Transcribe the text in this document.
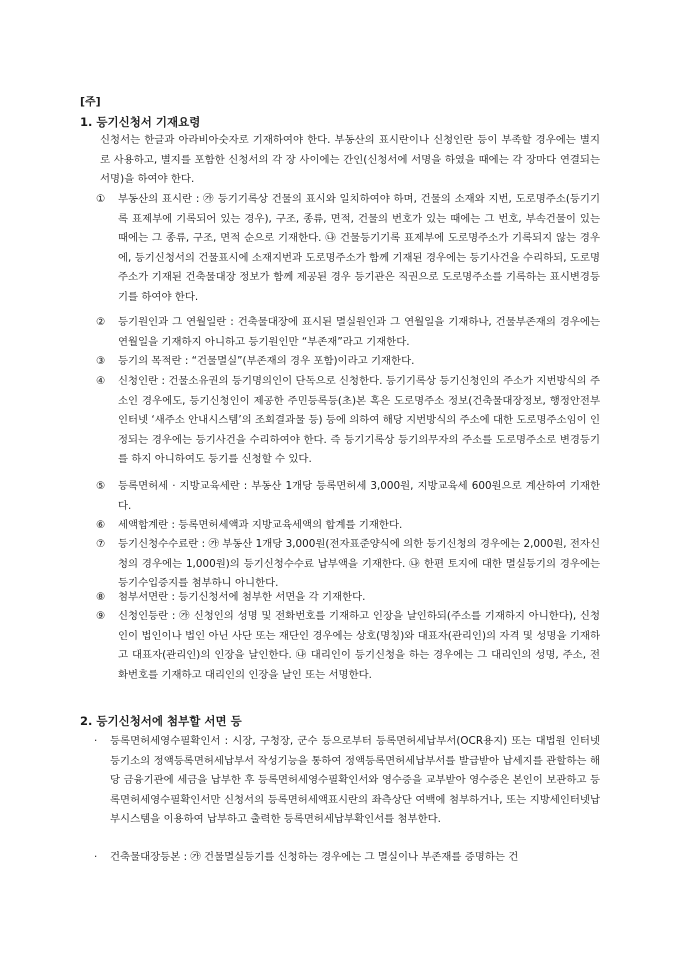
[주]
1. 등기신청서 기재요령
신청서는 한글과 아라비아숫자로 기재하여야 한다. 부동산의 표시란이나 신청인란 등이 부족할 경우에는 별지로 사용하고, 별지를 포함한 신청서의 각 장 사이에는 간인(신청서에 서명을 하였을 때에는 각 장마다 연결되는 서명)을 하여야 한다.
①	부동산의 표시란 : ㉮ 등기기록상 건물의 표시와 일치하여야 하며, 건물의 소재와 지번, 도로명주소(등기기록 표제부에 기록되어 있는 경우), 구조, 종류, 면적, 건물의 번호가 있는 때에는 그 번호, 부속건물이 있는 때에는 그 종류, 구조, 면적 순으로 기재한다. ㉯ 건물등기기록 표제부에 도로명주소가 기록되지 않는 경우에, 등기신청서의 건물표시에 소재지번과 도로명주소가 함께 기재된 경우에는 등기사건을 수리하되, 도로명주소가 기재된 건축물대장 정보가 함께 제공된 경우 등기관은 직권으로 도로명주소를 기록하는 표시변경등기를 하여야 한다.
②	등기원인과 그 연월일란 : 건축물대장에 표시된 멸실원인과 그 연월일을 기재하나, 건물부존재의 경우에는 연월일을 기재하지 아니하고 등기원인만 “부존재”라고 기재한다.
③	등기의 목적란 : “건물멸실”(부존재의 경우 포함)이라고 기재한다.
④	신청인란 : 건물소유권의 등기명의인이 단독으로 신청한다. 등기기록상 등기신청인의 주소가 지번방식의 주소인 경우에도, 등기신청인이 제공한 주민등록등(초)본 혹은 도로명주소 정보(건축물대장정보, 행정안전부 인터넷 ‘새주소 안내시스템’의 조회결과물 등) 등에 의하여 해당 지번방식의 주소에 대한 도로명주소임이 인정되는 경우에는 등기사건을 수리하여야 한다. 즉 등기기록상 등기의무자의 주소를 도로명주소로 변경등기를 하지 아니하여도 등기를 신청할 수 있다.
⑤	등록면허세 · 지방교육세란 : 부동산 1개당 등록면허세 3,000원, 지방교육세 600원으로 계산하여 기재한다.
⑥	세액합계란 : 등록면허세액과 지방교육세액의 합계를 기재한다.
⑦	등기신청수수료란 : ㉮ 부동산 1개당 3,000원(전자표준양식에 의한 등기신청의 경우에는 2,000원, 전자신청의 경우에는 1,000원)의 등기신청수수료 납부액을 기재한다. ㉯ 한편 토지에 대한 멸실등기의 경우에는 등기수입증지를 첨부하니 아니한다.
⑧	첨부서면란 : 등기신청서에 첨부한 서면을 각 기재한다.
⑨	신청인등란 : ㉮ 신청인의 성명 및 전화번호를 기재하고 인장을 날인하되(주소를 기재하지 아니한다), 신청인이 법인이나 법인 아닌 사단 또는 재단인 경우에는 상호(명칭)와 대표자(관리인)의 자격 및 성명을 기재하고 대표자(관리인)의 인장을 날인한다. ㉯ 대리인이 등기신청을 하는 경우에는 그 대리인의 성명, 주소, 전화번호를 기재하고 대리인의 인장을 날인 또는 서명한다.
2. 등기신청서에 첨부할 서면 등
·	등록면허세영수필확인서 : 시장, 구청장, 군수 등으로부터 등록면허세납부서(OCR용지) 또는 대법원 인터넷등기소의 정액등록면허세납부서 작성기능을 통하여 정액등록면허세납부서를 발급받아 납세지를 관할하는 해당 금융기관에 세금을 납부한 후 등록면허세영수필확인서와 영수증을 교부받아 영수증은 본인이 보관하고 등록면허세영수필확인서만 신청서의 등록면허세액표시란의 좌측상단 여백에 첨부하거나, 또는 지방세인터넷납부시스템을 이용하여 납부하고 출력한 등록면허세납부확인서를 첨부한다.
·	건축물대장등본 : ㉮ 건물멸실등기를 신청하는 경우에는 그 멸실이나 부존재를 증명하는 건
